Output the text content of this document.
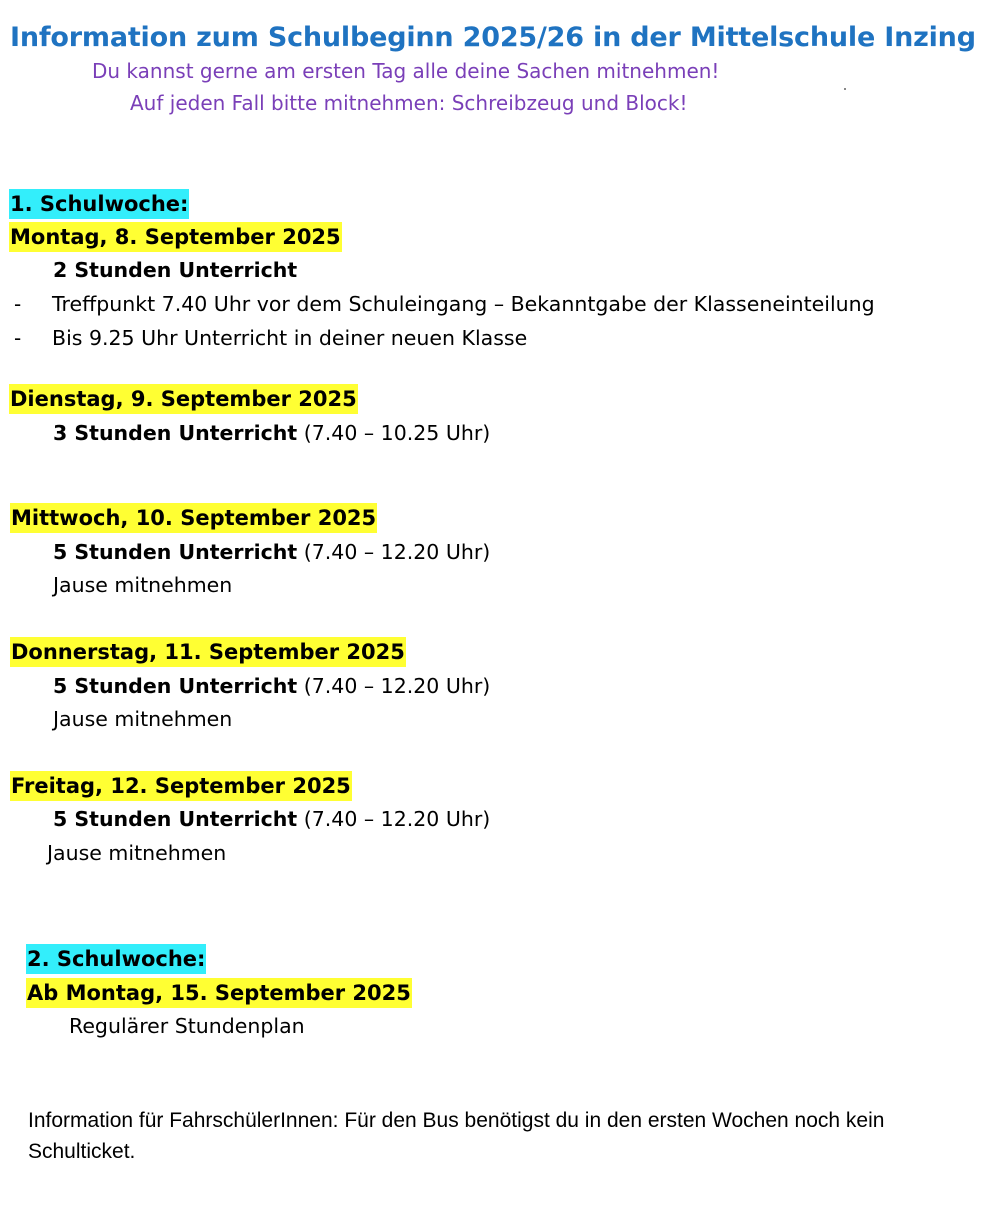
Information zum Schulbeginn 2025/26 in der Mittelschule Inzing
Du kannst gerne am ersten Tag alle deine Sachen mitnehmen!
Auf jeden Fall bitte mitnehmen: Schreibzeug und Block!
1. Schulwoche:
Montag, 8. September 2025
2 Stunden Unterricht
- Treffpunkt 7.40 Uhr vor dem Schuleingang – Bekanntgabe der Klasseneinteilung
- Bis 9.25 Uhr Unterricht in deiner neuen Klasse
Dienstag, 9. September 2025
3 Stunden Unterricht (7.40 – 10.25 Uhr)
Mittwoch, 10. September 2025
5 Stunden Unterricht (7.40 – 12.20 Uhr)
Jause mitnehmen
Donnerstag, 11. September 2025
5 Stunden Unterricht (7.40 – 12.20 Uhr)
Jause mitnehmen
Freitag, 12. September 2025
5 Stunden Unterricht (7.40 – 12.20 Uhr)
Jause mitnehmen
2. Schulwoche:
Ab Montag, 15. September 2025
Regulärer Stundenplan
Information für FahrschülerInnen: Für den Bus benötigst du in den ersten Wochen noch kein Schulticket.
